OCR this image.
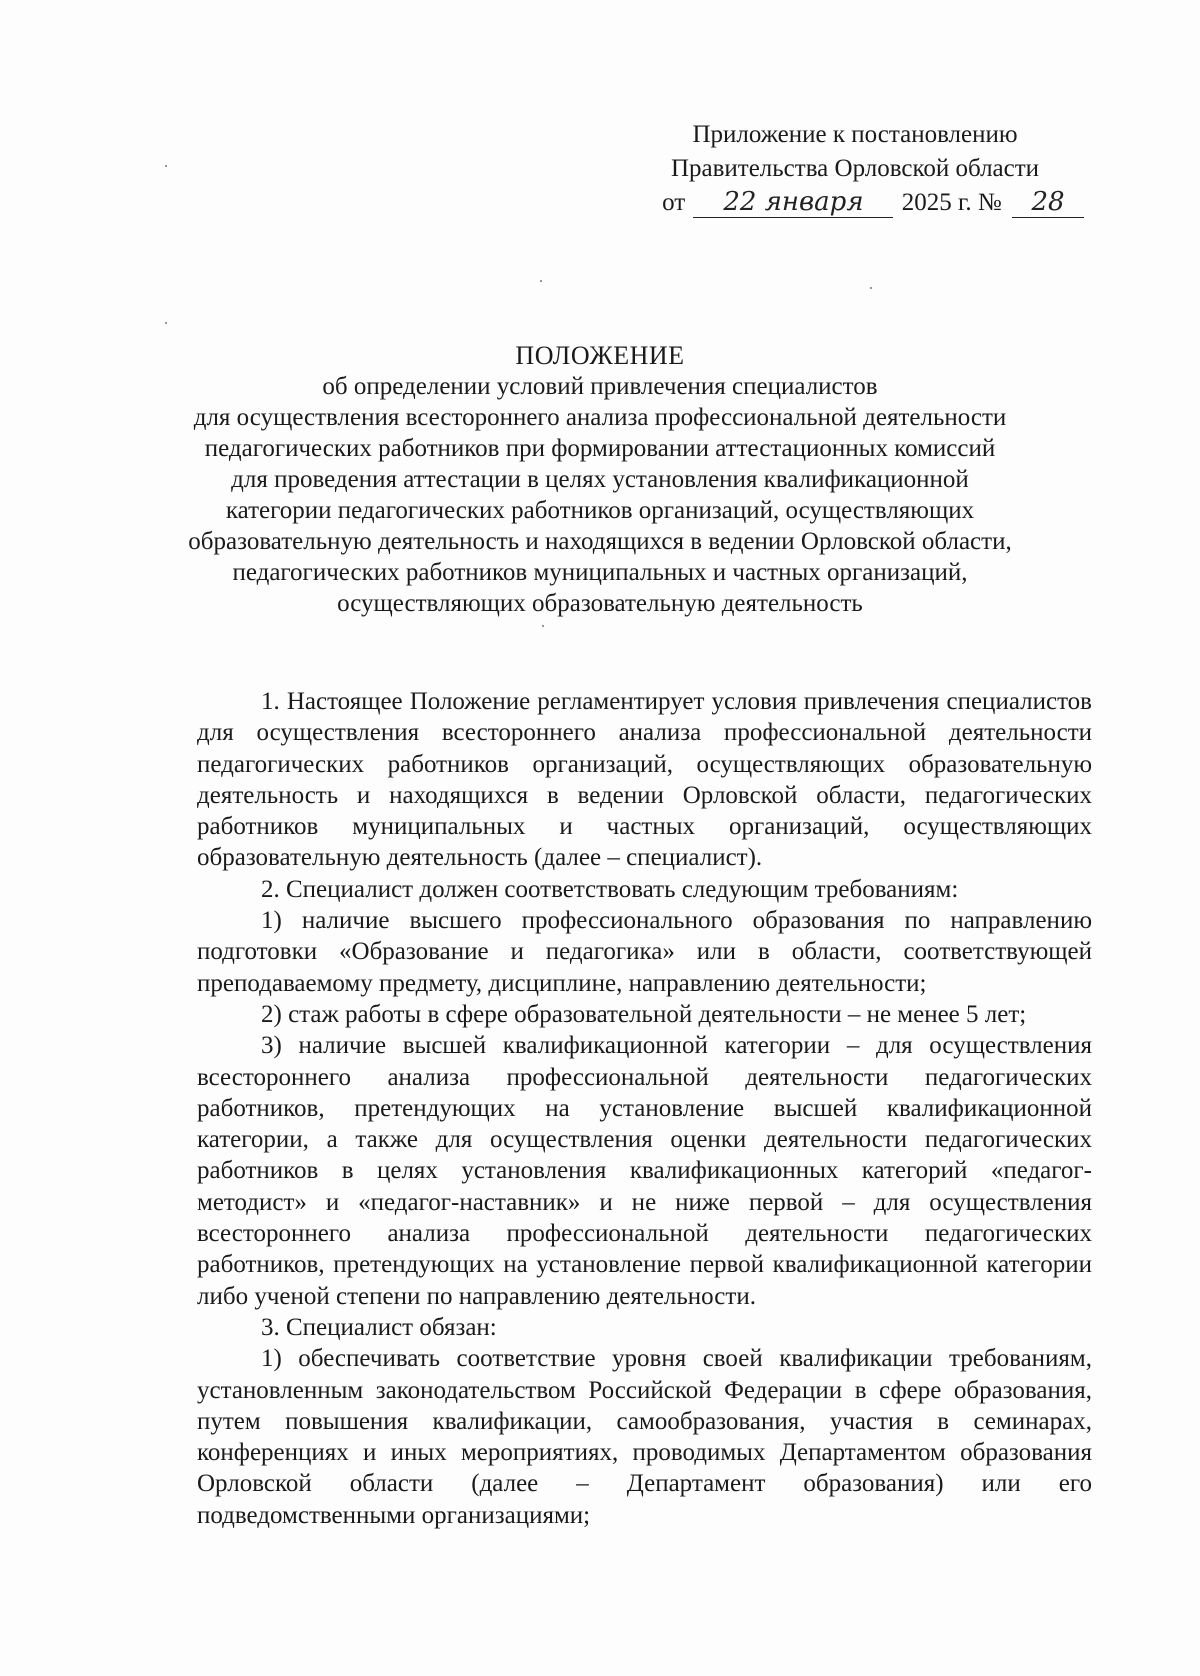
Приложение к постановлению
Правительства Орловской области
от 22 января 2025 г. № 28
ПОЛОЖЕНИЕ
об определении условий привлечения специалистов
для осуществления всестороннего анализа профессиональной деятельности
педагогических работников при формировании аттестационных комиссий
для проведения аттестации в целях установления квалификационной
категории педагогических работников организаций, осуществляющих
образовательную деятельность и находящихся в ведении Орловской области,
педагогических работников муниципальных и частных организаций,
осуществляющих образовательную деятельность

1. Настоящее Положение регламентирует условия привлечения специалистов для осуществления всестороннего анализа профессиональной деятельности педагогических работников организаций, осуществляющих образовательную деятельность и находящихся в ведении Орловской области, педагогических работников муниципальных и частных организаций, осуществляющих образовательную деятельность (далее – специалист).

2. Специалист должен соответствовать следующим требованиям:

1) наличие высшего профессионального образования по направлению подготовки «Образование и педагогика» или в области, соответствующей преподаваемому предмету, дисциплине, направлению деятельности;

2) стаж работы в сфере образовательной деятельности – не менее 5 лет;

3) наличие высшей квалификационной категории – для осуществления всестороннего анализа профессиональной деятельности педагогических работников, претендующих на установление высшей квалификационной категории, а также для осуществления оценки деятельности педагогических работников в целях установления квалификационных категорий «педагог-методист» и «педагог-наставник» и не ниже первой – для осуществления всестороннего анализа профессиональной деятельности педагогических работников, претендующих на установление первой квалификационной категории либо ученой степени по направлению деятельности.

3. Специалист обязан:

1) обеспечивать соответствие уровня своей квалификации требованиям, установленным законодательством Российской Федерации в сфере образования, путем повышения квалификации, самообразования, участия в семинарах, конференциях и иных мероприятиях, проводимых Департаментом образования Орловской области (далее – Департамент образования) или его подведомственными организациями;
